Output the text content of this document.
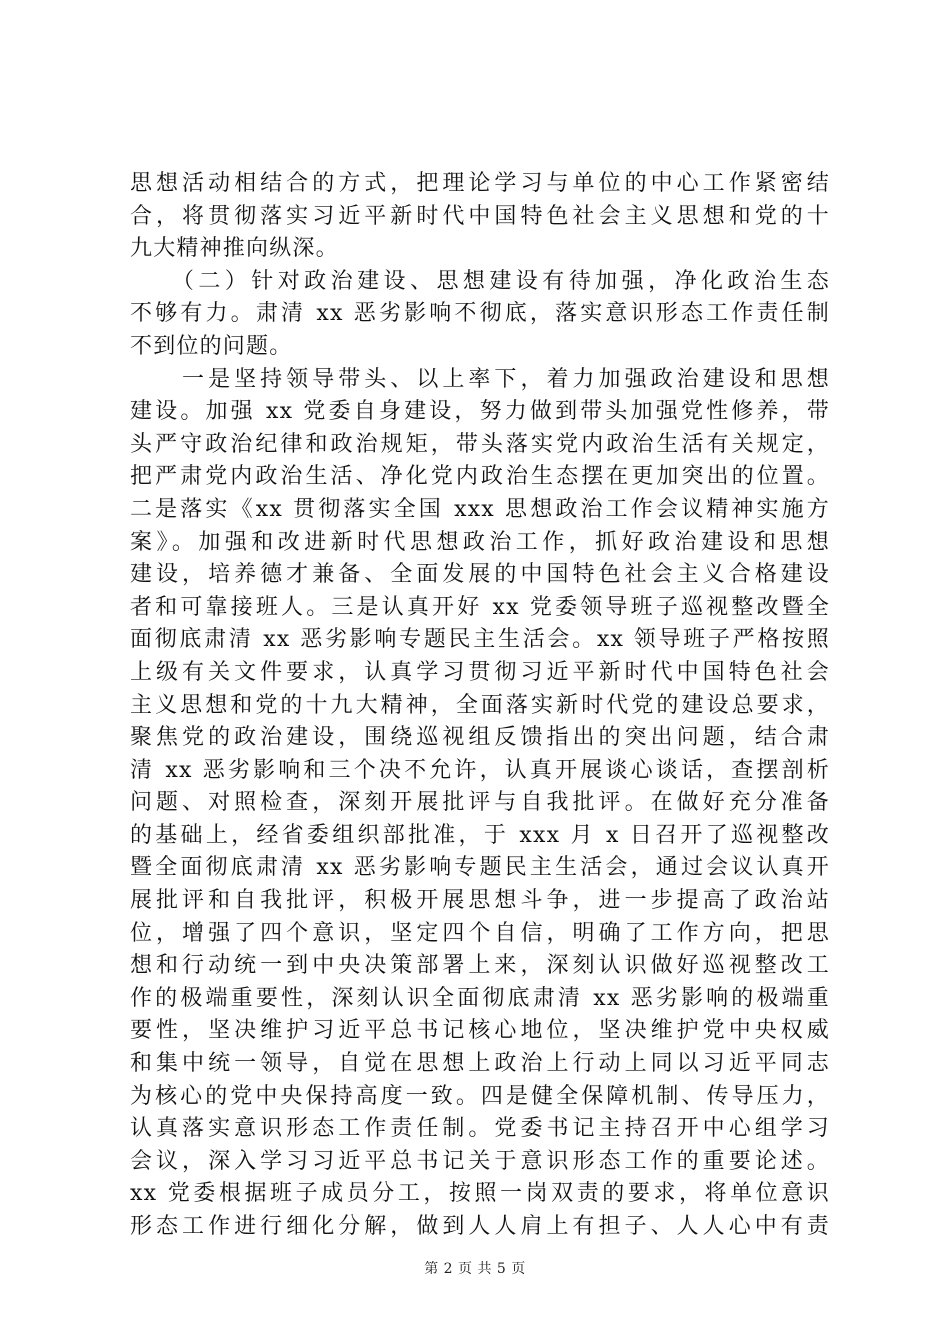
思想活动相结合的方式，把理论学习与单位的中心工作紧密结
合，将贯彻落实习近平新时代中国特色社会主义思想和党的十
九大精神推向纵深。
　　（二）针对政治建设、思想建设有待加强，净化政治生态
不够有力。肃清 xx 恶劣影响不彻底，落实意识形态工作责任制
不到位的问题。
　　一是坚持领导带头、以上率下，着力加强政治建设和思想
建设。加强 xx 党委自身建设，努力做到带头加强党性修养，带
头严守政治纪律和政治规矩，带头落实党内政治生活有关规定，
把严肃党内政治生活、净化党内政治生态摆在更加突出的位置。
二是落实《xx 贯彻落实全国 xxx 思想政治工作会议精神实施方
案》。加强和改进新时代思想政治工作，抓好政治建设和思想
建设，培养德才兼备、全面发展的中国特色社会主义合格建设
者和可靠接班人。三是认真开好 xx 党委领导班子巡视整改暨全
面彻底肃清 xx 恶劣影响专题民主生活会。xx 领导班子严格按照
上级有关文件要求，认真学习贯彻习近平新时代中国特色社会
主义思想和党的十九大精神，全面落实新时代党的建设总要求，
聚焦党的政治建设，围绕巡视组反馈指出的突出问题，结合肃
清 xx 恶劣影响和三个决不允许，认真开展谈心谈话，查摆剖析
问题、对照检查，深刻开展批评与自我批评。在做好充分准备
的基础上，经省委组织部批准，于 xxx 月 x 日召开了巡视整改
暨全面彻底肃清 xx 恶劣影响专题民主生活会，通过会议认真开
展批评和自我批评，积极开展思想斗争，进一步提高了政治站
位，增强了四个意识，坚定四个自信，明确了工作方向，把思
想和行动统一到中央决策部署上来，深刻认识做好巡视整改工
作的极端重要性，深刻认识全面彻底肃清 xx 恶劣影响的极端重
要性，坚决维护习近平总书记核心地位，坚决维护党中央权威
和集中统一领导，自觉在思想上政治上行动上同以习近平同志
为核心的党中央保持高度一致。四是健全保障机制、传导压力，
认真落实意识形态工作责任制。党委书记主持召开中心组学习
会议，深入学习习近平总书记关于意识形态工作的重要论述。
xx 党委根据班子成员分工，按照一岗双责的要求，将单位意识
形态工作进行细化分解，做到人人肩上有担子、人人心中有责
第 2 页 共 5 页
